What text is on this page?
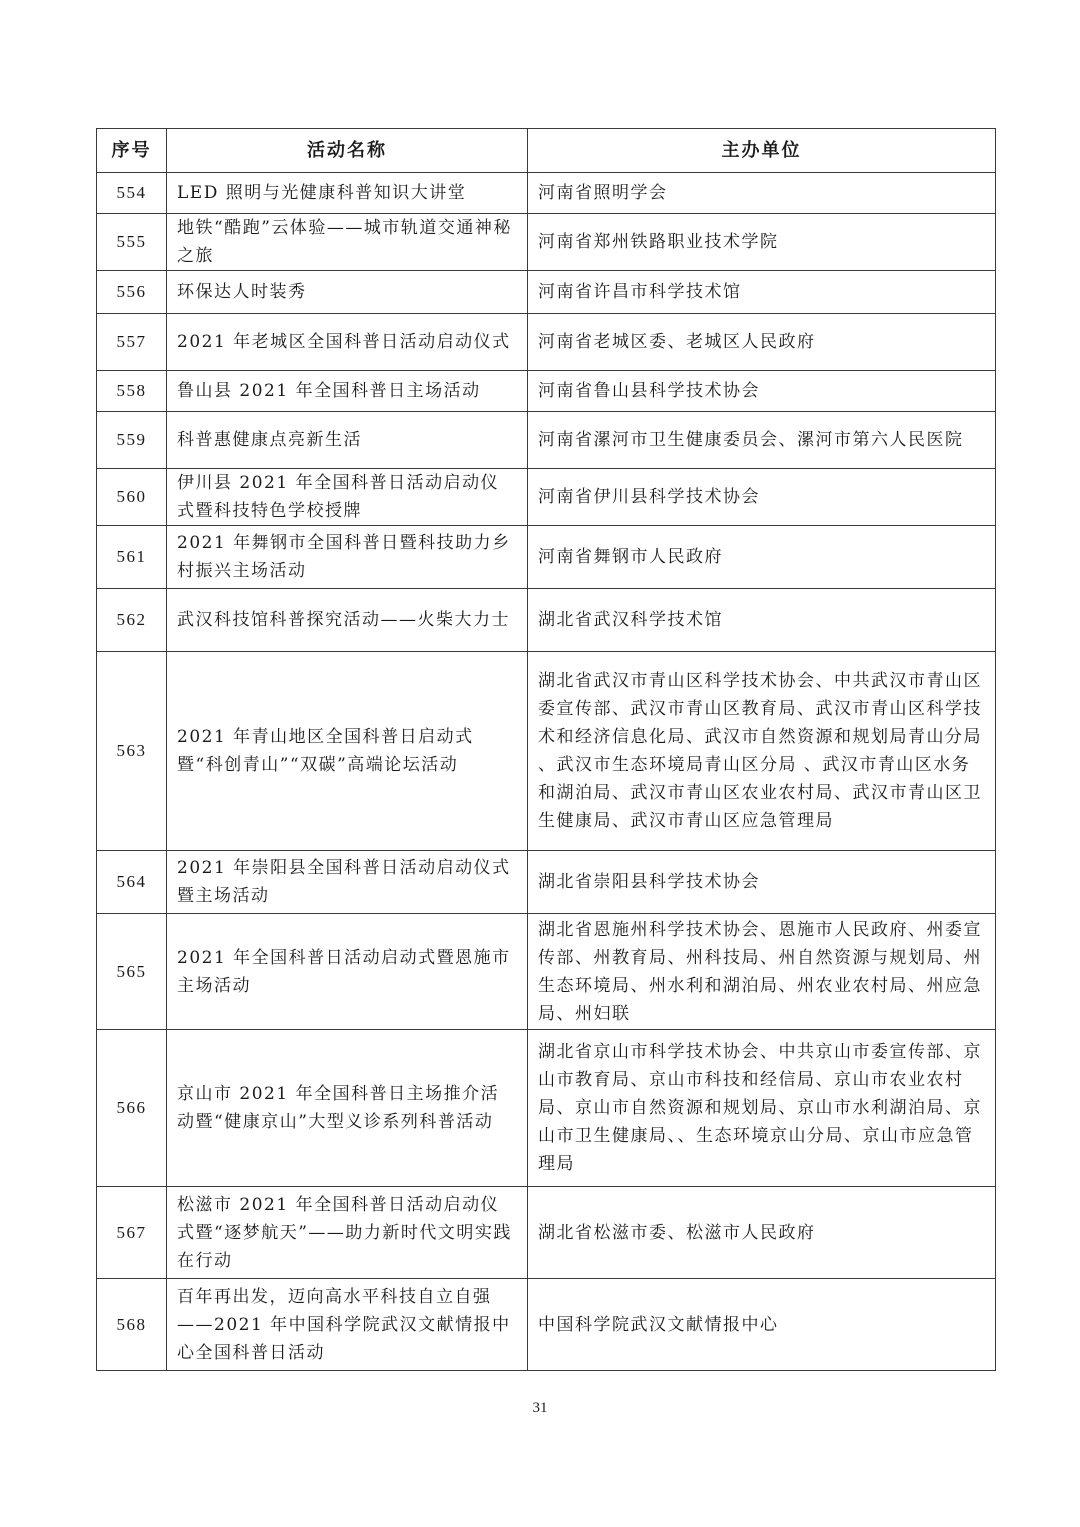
序号	活动名称	主办单位
554	LED 照明与光健康科普知识大讲堂	河南省照明学会
555	地铁“酷跑”云体验——城市轨道交通神秘之旅	河南省郑州铁路职业技术学院
556	环保达人时装秀	河南省许昌市科学技术馆
557	2021 年老城区全国科普日活动启动仪式	河南省老城区委、老城区人民政府
558	鲁山县 2021 年全国科普日主场活动	河南省鲁山县科学技术协会
559	科普惠健康点亮新生活	河南省漯河市卫生健康委员会、漯河市第六人民医院
560	伊川县 2021 年全国科普日活动启动仪式暨科技特色学校授牌	河南省伊川县科学技术协会
561	2021 年舞钢市全国科普日暨科技助力乡村振兴主场活动	河南省舞钢市人民政府
562	武汉科技馆科普探究活动——火柴大力士	湖北省武汉科学技术馆
563	2021 年青山地区全国科普日启动式 暨“科创青山”“双碳”高端论坛活动	湖北省武汉市青山区科学技术协会、中共武汉市青山区委宣传部、武汉市青山区教育局、武汉市青山区科学技术和经济信息化局、武汉市自然资源和规划局青山分局 、武汉市生态环境局青山区分局 、武汉市青山区水务和湖泊局、武汉市青山区农业农村局、武汉市青山区卫生健康局、武汉市青山区应急管理局
564	2021 年崇阳县全国科普日活动启动仪式暨主场活动	湖北省崇阳县科学技术协会
565	2021 年全国科普日活动启动式暨恩施市主场活动	湖北省恩施州科学技术协会、恩施市人民政府、州委宣传部、州教育局、州科技局、州自然资源与规划局、州生态环境局、州水利和湖泊局、州农业农村局、州应急局、州妇联
566	京山市 2021 年全国科普日主场推介活动暨“健康京山”大型义诊系列科普活动	湖北省京山市科学技术协会、中共京山市委宣传部、京山市教育局、京山市科技和经信局、京山市农业农村局、京山市自然资源和规划局、京山市水利湖泊局、京山市卫生健康局、、生态环境京山分局、京山市应急管理局
567	松滋市 2021 年全国科普日活动启动仪式暨“逐梦航天”——助力新时代文明实践在行动	湖北省松滋市委、松滋市人民政府
568	百年再出发，迈向高水平科技自立自强——2021 年中国科学院武汉文献情报中心全国科普日活动	中国科学院武汉文献情报中心
31
